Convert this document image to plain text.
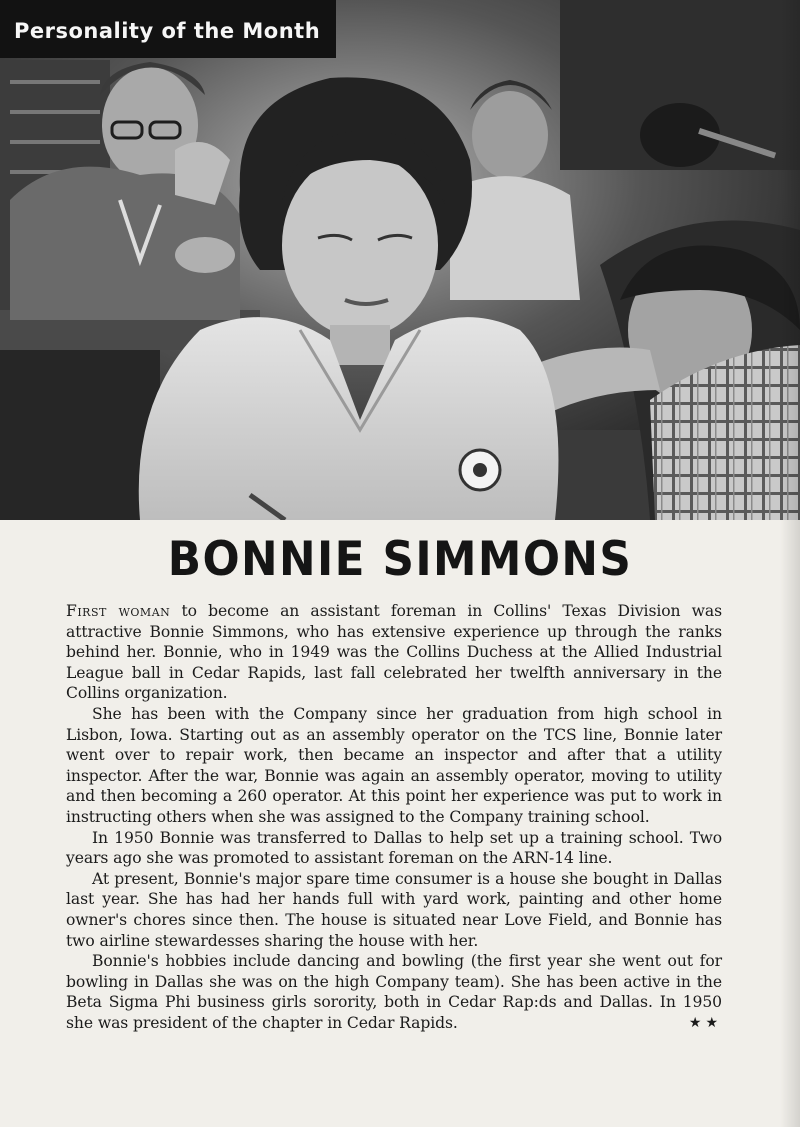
Personality of the Month
BONNIE SIMMONS

First woman to become an assistant foreman in Collins' Texas Division was attractive Bonnie Simmons, who has extensive experience up through the ranks behind her. Bonnie, who in 1949 was the Collins Duchess at the Allied Industrial League ball in Cedar Rapids, last fall celebrated her twelfth anniversary in the Collins organization.

She has been with the Company since her graduation from high school in Lisbon, Iowa. Starting out as an assembly operator on the TCS line, Bonnie later went over to repair work, then became an inspector and after that a utility inspector. After the war, Bonnie was again an assembly operator, moving to utility and then becoming a 260 operator. At this point her experience was put to work in instructing others when she was assigned to the Company training school.

In 1950 Bonnie was transferred to Dallas to help set up a training school. Two years ago she was promoted to assistant foreman on the ARN-14 line.

At present, Bonnie's major spare time consumer is a house she bought in Dallas last year. She has had her hands full with yard work, painting and other home owner's chores since then. The house is situated near Love Field, and Bonnie has two airline stewardesses sharing the house with her.

Bonnie's hobbies include dancing and bowling (the first year she went out for bowling in Dallas she was on the high Company team). She has been active in the Beta Sigma Phi business girls sorority, both in Cedar Rap:ds and Dallas. In 1950 she was president of the chapter in Cedar Rapids.	★★
